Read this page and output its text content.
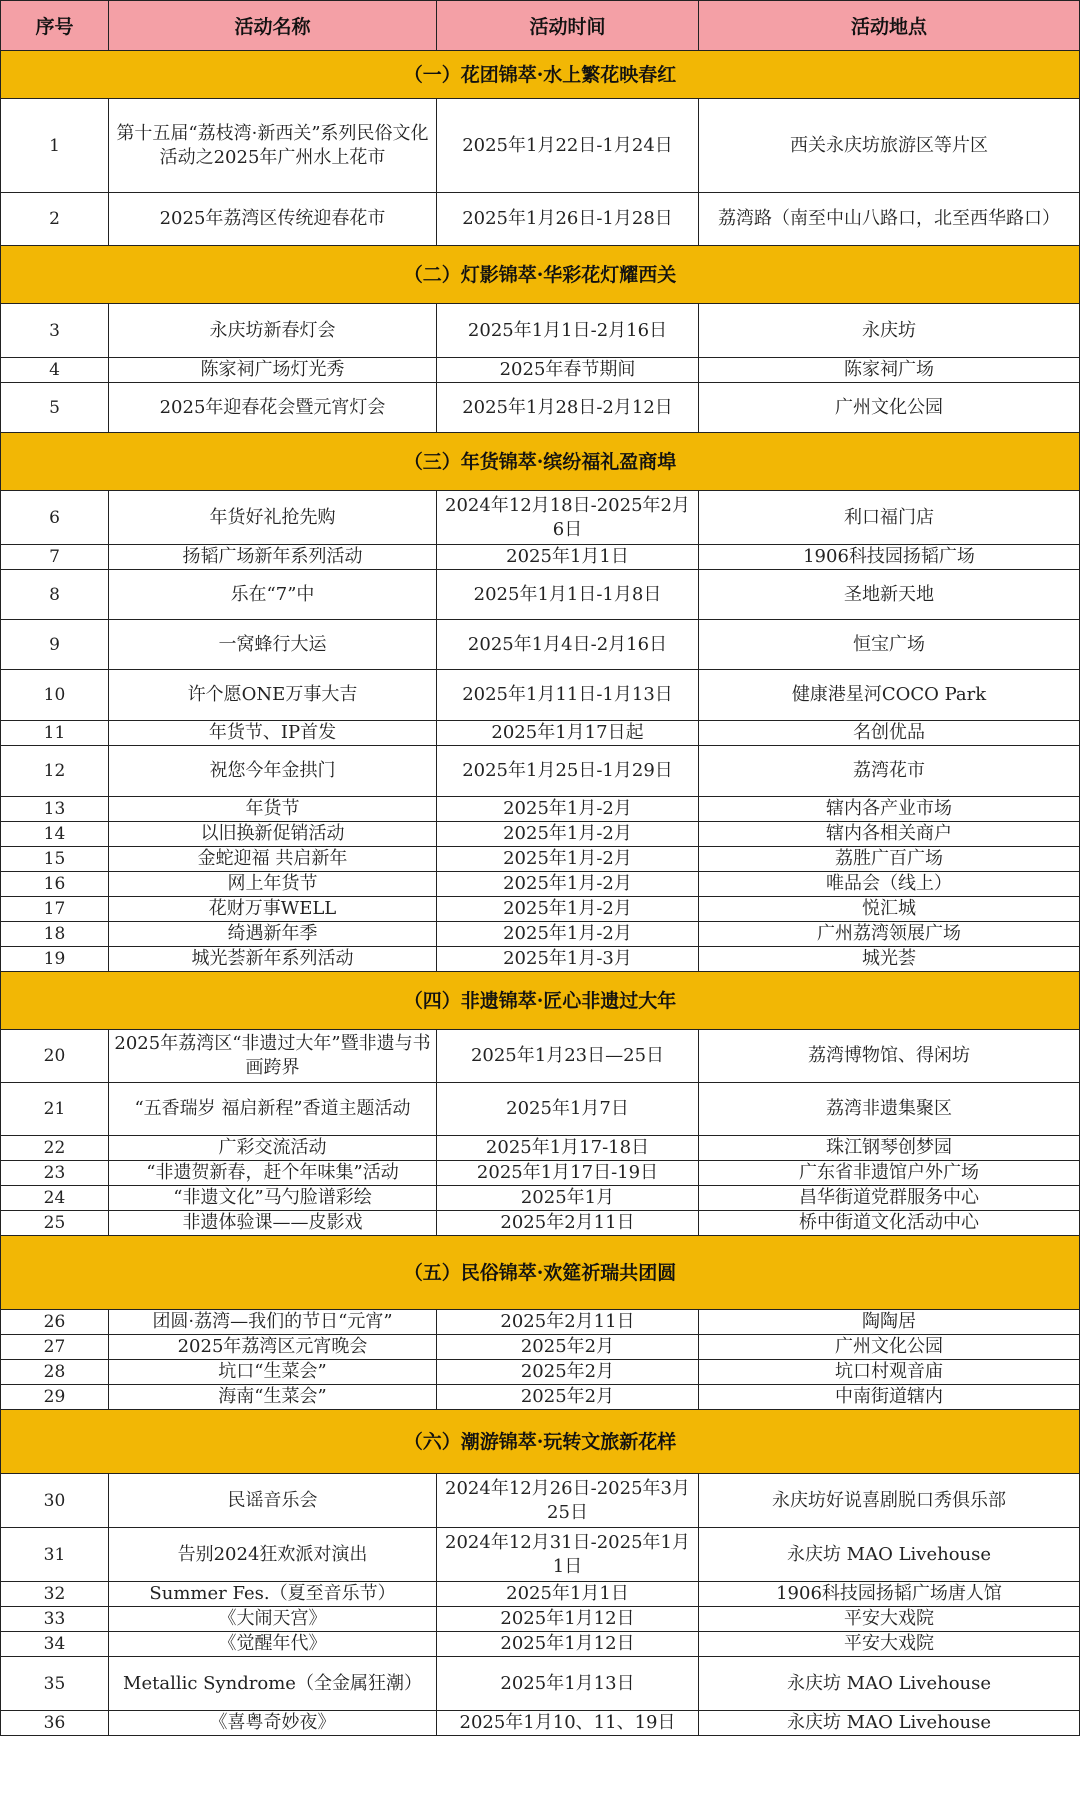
序号	活动名称	活动时间	活动地点
（一）花团锦萃·水上繁花映春红			
1	第十五届“荔枝湾·新西关”系列民俗文化活动之2025年广州水上花市	2025年1月22日-1月24日	西关永庆坊旅游区等片区
2	2025年荔湾区传统迎春花市	2025年1月26日-1月28日	荔湾路（南至中山八路口，北至西华路口）
（二）灯影锦萃·华彩花灯耀西关			
3	永庆坊新春灯会	2025年1月1日-2月16日	永庆坊
4	陈家祠广场灯光秀	2025年春节期间	陈家祠广场
5	2025年迎春花会暨元宵灯会	2025年1月28日-2月12日	广州文化公园
（三）年货锦萃·缤纷福礼盈商埠			
6	年货好礼抢先购	2024年12月18日-2025年2月6日	利口福门店
7	扬韬广场新年系列活动	2025年1月1日	1906科技园扬韬广场
8	乐在“7”中	2025年1月1日-1月8日	圣地新天地
9	一窝蜂行大运	2025年1月4日-2月16日	恒宝广场
10	许个愿ONE万事大吉	2025年1月11日-1月13日	健康港星河COCO Park
11	年货节、IP首发	2025年1月17日起	名创优品
12	祝您今年金拱门	2025年1月25日-1月29日	荔湾花市
13	年货节	2025年1月-2月	辖内各产业市场
14	以旧换新促销活动	2025年1月-2月	辖内各相关商户
15	金蛇迎福 共启新年	2025年1月-2月	荔胜广百广场
16	网上年货节	2025年1月-2月	唯品会（线上）
17	花财万事WELL	2025年1月-2月	悦汇城
18	绮遇新年季	2025年1月-2月	广州荔湾领展广场
19	城光荟新年系列活动	2025年1月-3月	城光荟
（四）非遗锦萃·匠心非遗过大年			
20	2025年荔湾区“非遗过大年”暨非遗与书画跨界	2025年1月23日—25日	荔湾博物馆、得闲坊
21	“五香瑞岁 福启新程”香道主题活动	2025年1月7日	荔湾非遗集聚区
22	广彩交流活动	2025年1月17-18日	珠江钢琴创梦园
23	“非遗贺新春，赶个年味集”活动	2025年1月17日-19日	广东省非遗馆户外广场
24	“非遗文化”马勺脸谱彩绘	2025年1月	昌华街道党群服务中心
25	非遗体验课——皮影戏	2025年2月11日	桥中街道文化活动中心
（五）民俗锦萃·欢筵祈瑞共团圆			
26	团圆·荔湾—我们的节日“元宵”	2025年2月11日	陶陶居
27	2025年荔湾区元宵晚会	2025年2月	广州文化公园
28	坑口“生菜会”	2025年2月	坑口村观音庙
29	海南“生菜会”	2025年2月	中南街道辖内
（六）潮游锦萃·玩转文旅新花样			
30	民谣音乐会	2024年12月26日-2025年3月25日	永庆坊好说喜剧脱口秀俱乐部
31	告别2024狂欢派对演出	2024年12月31日-2025年1月1日	永庆坊 MAO Livehouse
32	Summer Fes.（夏至音乐节）	2025年1月1日	1906科技园扬韬广场唐人馆
33	《大闹天宫》	2025年1月12日	平安大戏院
34	《觉醒年代》	2025年1月12日	平安大戏院
35	Metallic Syndrome（全金属狂潮）	2025年1月13日	永庆坊 MAO Livehouse
36	《喜粤奇妙夜》	2025年1月10、11、19日	永庆坊 MAO Livehouse
